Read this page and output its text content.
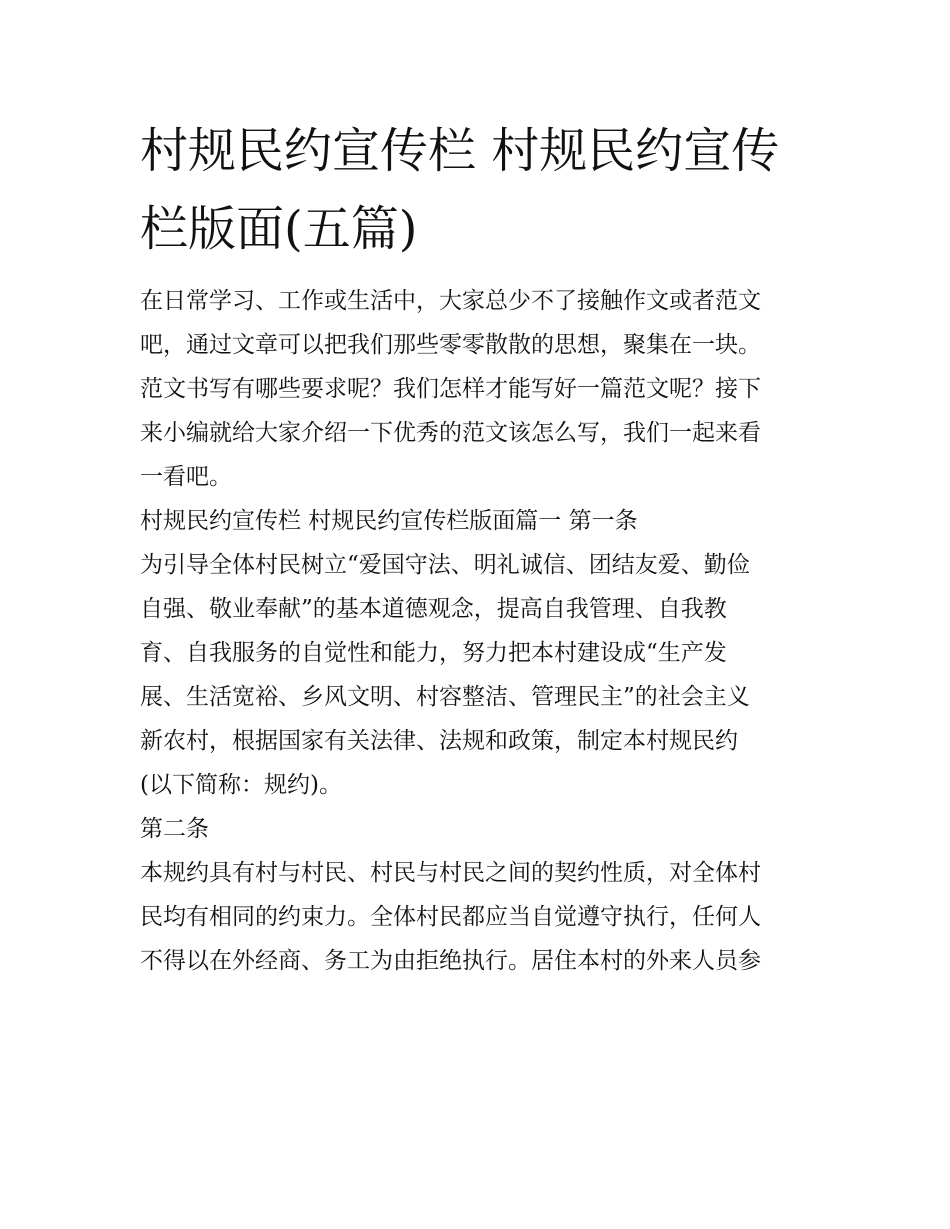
村规民约宣传栏 村规民约宣传栏版面(五篇)
在日常学习、工作或生活中，大家总少不了接触作文或者范文
吧，通过文章可以把我们那些零零散散的思想，聚集在一块。
范文书写有哪些要求呢？我们怎样才能写好一篇范文呢？接下
来小编就给大家介绍一下优秀的范文该怎么写，我们一起来看
一看吧。
村规民约宣传栏 村规民约宣传栏版面篇一 第一条
为引导全体村民树立“爱国守法、明礼诚信、团结友爱、勤俭
自强、敬业奉献”的基本道德观念，提高自我管理、自我教
育、自我服务的自觉性和能力，努力把本村建设成“生产发
展、生活宽裕、乡风文明、村容整洁、管理民主”的社会主义
新农村，根据国家有关法律、法规和政策，制定本村规民约
(以下简称：规约)。
第二条
本规约具有村与村民、村民与村民之间的契约性质，对全体村
民均有相同的约束力。全体村民都应当自觉遵守执行，任何人
不得以在外经商、务工为由拒绝执行。居住本村的外来人员参
